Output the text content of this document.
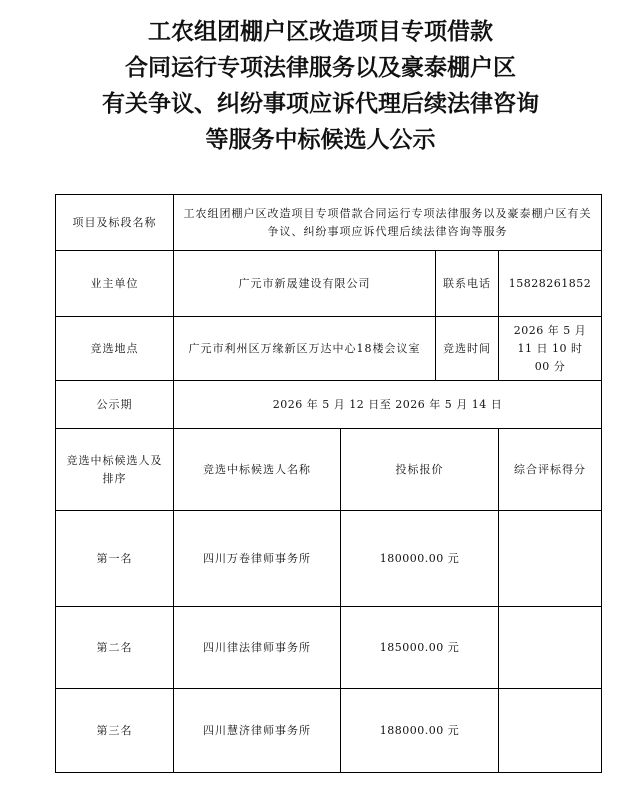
工农组团棚户区改造项目专项借款
合同运行专项法律服务以及豪泰棚户区
有关争议、纠纷事项应诉代理后续法律咨询
等服务中标候选人公示
项目及标段名称	工农组团棚户区改造项目专项借款合同运行专项法律服务以及豪泰棚户区有关争议、纠纷事项应诉代理后续法律咨询等服务			
业主单位	广元市新晟建设有限公司		联系电话	15828261852
竞选地点	广元市利州区万缘新区万达中心18楼会议室		竞选时间	2026 年 5 月 11 日 10 时 00 分
公示期	2026 年 5 月 12 日至 2026 年 5 月 14 日			
竞选中标候选人及排序	竞选中标候选人名称	投标报价		综合评标得分
第一名	四川万卷律师事务所	180000.00 元		
第二名	四川律法律师事务所	185000.00 元		
第三名	四川慧济律师事务所	188000.00 元		
